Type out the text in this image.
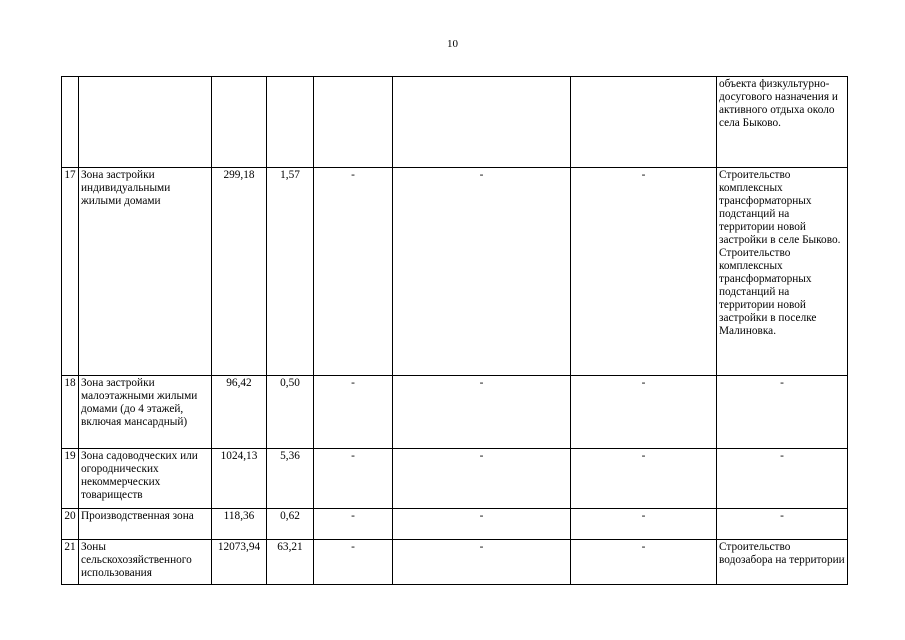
10
							объекта физкультурно-досугового назначения и активного отдыха около села Быково.
17	Зона застройки индивидуальными жилыми домами	299,18	1,57	-	-	-	Строительство комплексных трансформаторных подстанций на территории новой застройки в селе Быково. Строительство комплексных трансформаторных подстанций на территории новой застройки в поселке Малиновка.
18	Зона застройки малоэтажными жилыми домами (до 4 этажей, включая мансардный)	96,42	0,50	-	-	-	-
19	Зона садоводческих или огороднических некоммерческих товариществ	1024,13	5,36	-	-	-	-
20	Производственная зона	118,36	0,62	-	-	-	-
21	Зоны сельскохозяйственного использования	12073,94	63,21	-	-	-	Строительство водозабора на территории
